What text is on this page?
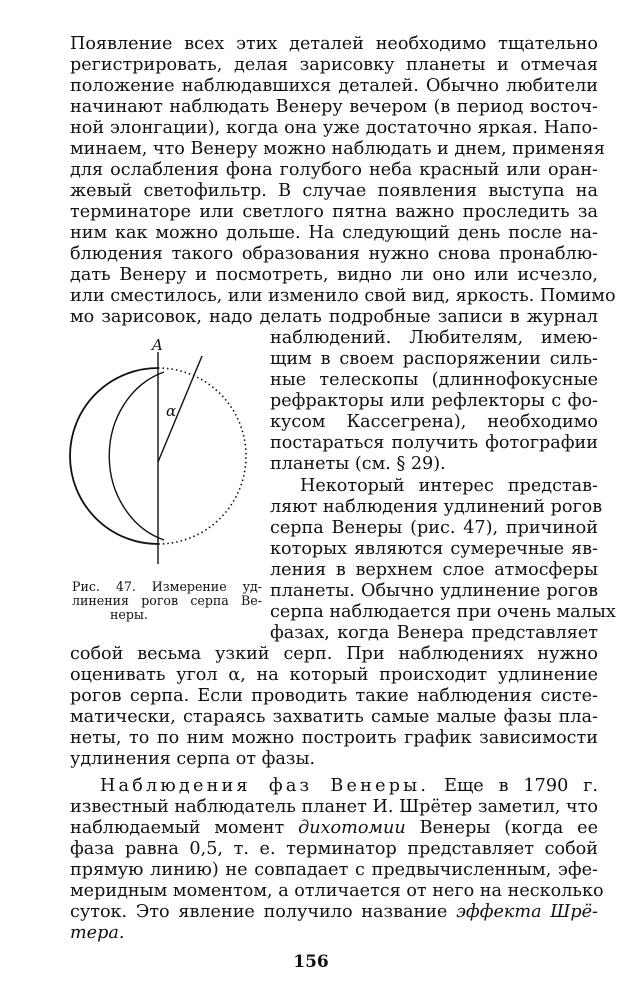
Появление всех этих деталей необходимо тщательно
регистрировать, делая зарисовку планеты и отмечая
положение наблюдавшихся деталей. Обычно любители
начинают наблюдать Венеру вечером (в период восточ-
ной элонгации), когда она уже достаточно яркая. Напо-
минаем, что Венеру можно наблюдать и днем, применяя
для ослабления фона голубого неба красный или оран-
жевый светофильтр. В случае появления выступа на
терминаторе или светлого пятна важно проследить за
ним как можно дольше. На следующий день после на-
блюдения такого образования нужно снова пронаблю-
дать Венеру и посмотреть, видно ли оно или исчезло,
или сместилось, или изменило свой вид, яркость. Помимо
мо зарисовок, надо делать подробные записи в журнал
A
α
наблюдений. Любителям, имею-
щим в своем распоряжении силь-
ные телескопы (длиннофокусные
рефракторы или рефлекторы с фо-
кусом Кассегрена), необходимо
постараться получить фотографии
планеты (см. § 29).
Некоторый интерес представ-
ляют наблюдения удлинений рогов
серпа Венеры (рис. 47), причиной
которых являются сумеречные яв-
ления в верхнем слое атмосферы
планеты. Обычно удлинение рогов
серпа наблюдается при очень малых
фазах, когда Венера представляет
Рис. 47. Измерение уд-
линения рогов серпа Ве-
неры.
собой весьма узкий серп. При наблюдениях нужно
оценивать угол α, на который происходит удлинение
рогов серпа. Если проводить такие наблюдения систе-
матически, стараясь захватить самые малые фазы пла-
неты, то по ним можно построить график зависимости
удлинения серпа от фазы.
Наблюдения фаз Венеры. Еще в 1790 г.
известный наблюдатель планет И. Шрётер заметил, что
наблюдаемый момент дихотомии Венеры (когда ее
фаза равна 0,5, т. е. терминатор представляет собой
прямую линию) не совпадает с предвычисленным, эфе-
меридным моментом, а отличается от него на несколько
суток. Это явление получило название эффекта Шрё-
тера.
156
